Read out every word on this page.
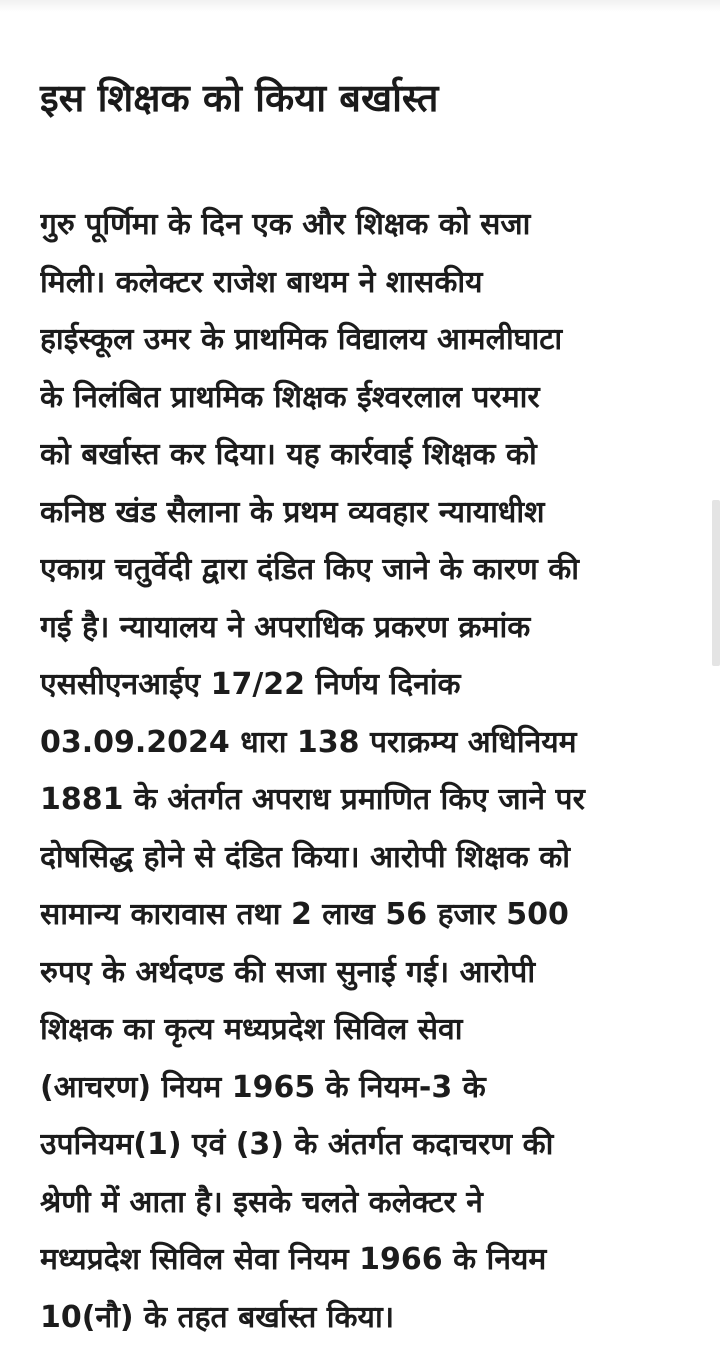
इस शिक्षक को किया बर्खास्त
गुरु पूर्णिमा के दिन एक और शिक्षक को सजा
मिली। कलेक्टर राजेश बाथम ने शासकीय
हाईस्कूल उमर के प्राथमिक विद्यालय आमलीघाटा
के निलंबित प्राथमिक शिक्षक ईश्वरलाल परमार
को बर्खास्त कर दिया। यह कार्रवाई शिक्षक को
कनिष्ठ खंड सैलाना के प्रथम व्यवहार न्यायाधीश
एकाग्र चतुर्वेदी द्वारा दंडित किए जाने के कारण की
गई है। न्यायालय ने अपराधिक प्रकरण क्रमांक
एससीएनआईए 17/22 निर्णय दिनांक
03.09.2024 धारा 138 पराक्रम्य अधिनियम
1881 के अंतर्गत अपराध प्रमाणित किए जाने पर
दोषसिद्ध होने से दंडित किया। आरोपी शिक्षक को
सामान्य कारावास तथा 2 लाख 56 हजार 500
रुपए के अर्थदण्ड की सजा सुनाई गई। आरोपी
शिक्षक का कृत्य मध्यप्रदेश सिविल सेवा
(आचरण) नियम 1965 के नियम-3 के
उपनियम(1) एवं (3) के अंतर्गत कदाचरण की
श्रेणी में आता है। इसके चलते कलेक्टर ने
मध्यप्रदेश सिविल सेवा नियम 1966 के नियम
10(नौ) के तहत बर्खास्त किया।
